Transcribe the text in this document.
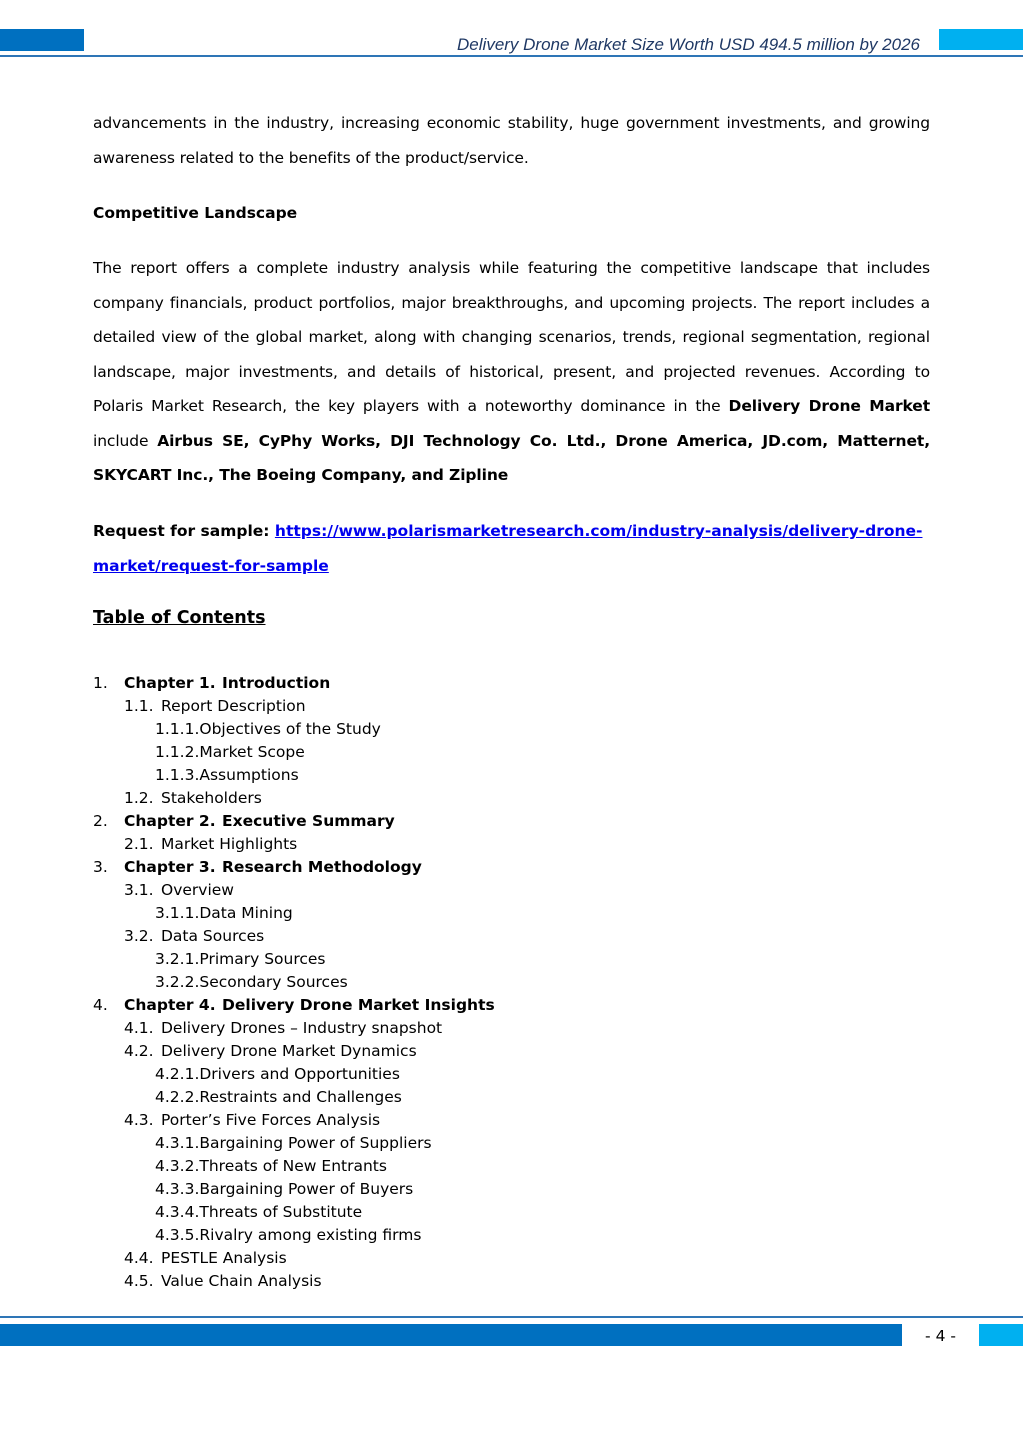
Delivery Drone Market Size Worth USD 494.5 million by 2026
advancements in the industry, increasing economic stability, huge government investments, and growing awareness related to the benefits of the product/service.
Competitive Landscape
The report offers a complete industry analysis while featuring the competitive landscape that includes company financials, product portfolios, major breakthroughs, and upcoming projects. The report includes a detailed view of the global market, along with changing scenarios, trends, regional segmentation, regional landscape, major investments, and details of historical, present, and projected revenues. According to Polaris Market Research, the key players with a noteworthy dominance in the Delivery Drone Market include Airbus SE, CyPhy Works, DJI Technology Co. Ltd., Drone America, JD.com, Matternet, SKYCART Inc., The Boeing Company, and Zipline
Request for sample: https://www.polarismarketresearch.com/industry-analysis/delivery-drone-market/request-for-sample
Table of Contents
1. Chapter 1. Introduction
1.1. Report Description
1.1.1.Objectives of the Study
1.1.2.Market Scope
1.1.3.Assumptions
1.2. Stakeholders
2. Chapter 2. Executive Summary
2.1. Market Highlights
3. Chapter 3. Research Methodology
3.1. Overview
3.1.1.Data Mining
3.2. Data Sources
3.2.1.Primary Sources
3.2.2.Secondary Sources
4. Chapter 4. Delivery Drone Market Insights
4.1. Delivery Drones – Industry snapshot
4.2. Delivery Drone Market Dynamics
4.2.1.Drivers and Opportunities
4.2.2.Restraints and Challenges
4.3. Porter’s Five Forces Analysis
4.3.1.Bargaining Power of Suppliers
4.3.2.Threats of New Entrants
4.3.3.Bargaining Power of Buyers
4.3.4.Threats of Substitute
4.3.5.Rivalry among existing firms
4.4. PESTLE Analysis
4.5. Value Chain Analysis
- 4 -
